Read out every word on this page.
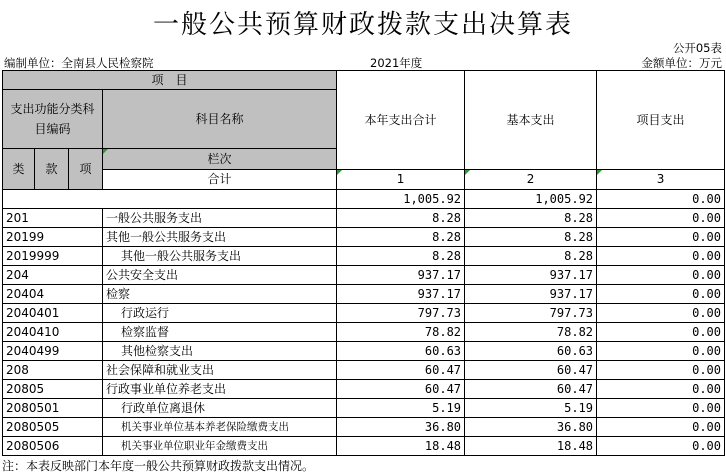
一般公共预算财政拨款支出决算表
公开05表
编制单位：全南县人民检察院	2021年度	金额单位：万元
项　目				本年支出合计	基本支出	项目支出
支出功能分类科目编码			科目名称			

类	款	项	栏次			
			合计	1	2	3
				1,005.92	1,005.92	0.00
201			一般公共服务支出	8.28	8.28	0.00
20199			其他一般公共服务支出	8.28	8.28	0.00
2019999			其他一般公共服务支出	8.28	8.28	0.00
204			公共安全支出	937.17	937.17	0.00
20404			检察	937.17	937.17	0.00
2040401			行政运行	797.73	797.73	0.00
2040410			检察监督	78.82	78.82	0.00
2040499			其他检察支出	60.63	60.63	0.00
208			社会保障和就业支出	60.47	60.47	0.00
20805			行政事业单位养老支出	60.47	60.47	0.00
2080501			行政单位离退休	5.19	5.19	0.00
2080505			机关事业单位基本养老保险缴费支出	36.80	36.80	0.00
2080506			机关事业单位职业年金缴费支出	18.48	18.48	0.00
注：本表反映部门本年度一般公共预算财政拨款支出情况。
